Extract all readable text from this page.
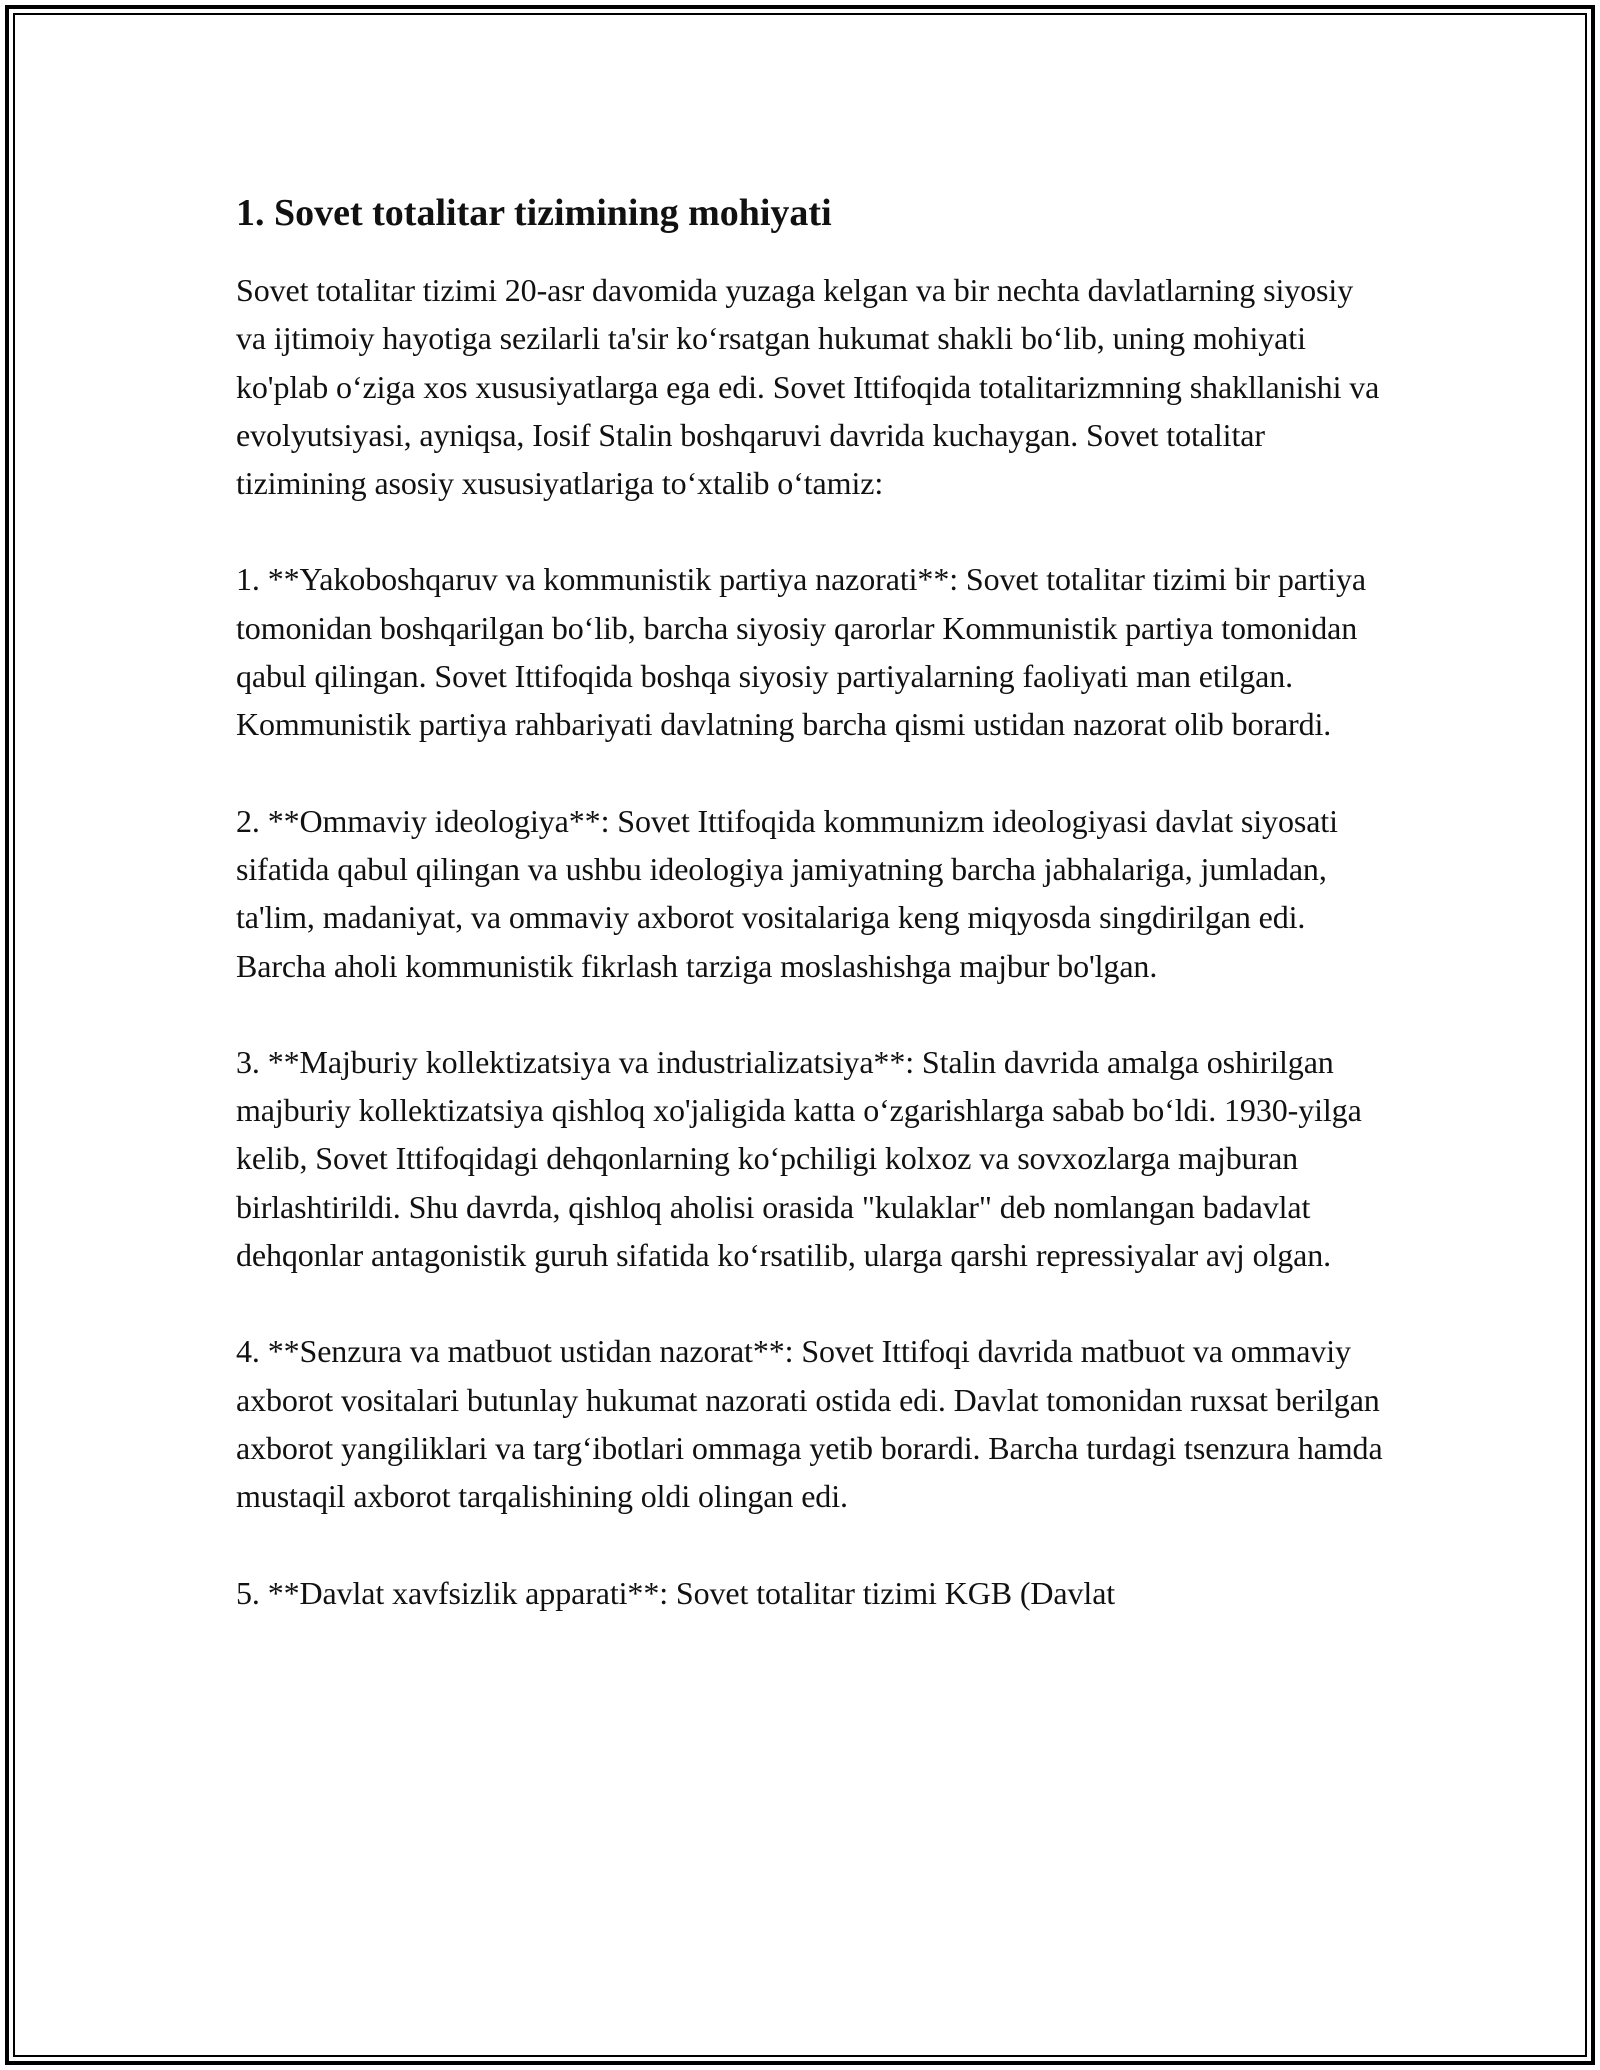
1. Sovet totalitar tizimining mohiyati

Sovet totalitar tizimi 20-asr davomida yuzaga kelgan va bir nechta davlatlarning siyosiy va ijtimoiy hayotiga sezilarli ta'sir ko‘rsatgan hukumat shakli bo‘lib, uning mohiyati ko'plab o‘ziga xos xususiyatlarga ega edi. Sovet Ittifoqida totalitarizmning shakllanishi va evolyutsiyasi, ayniqsa, Iosif Stalin boshqaruvi davrida kuchaygan. Sovet totalitar tizimining asosiy xususiyatlariga to‘xtalib o‘tamiz:

1. **Yakoboshqaruv va kommunistik partiya nazorati**: Sovet totalitar tizimi bir partiya tomonidan boshqarilgan bo‘lib, barcha siyosiy qarorlar Kommunistik partiya tomonidan qabul qilingan. Sovet Ittifoqida boshqa siyosiy partiyalarning faoliyati man etilgan. Kommunistik partiya rahbariyati davlatning barcha qismi ustidan nazorat olib borardi.

2. **Ommaviy ideologiya**: Sovet Ittifoqida kommunizm ideologiyasi davlat siyosati sifatida qabul qilingan va ushbu ideologiya jamiyatning barcha jabhalariga, jumladan, ta'lim, madaniyat, va ommaviy axborot vositalariga keng miqyosda singdirilgan edi. Barcha aholi kommunistik fikrlash tarziga moslashishga majbur bo'lgan.

3. **Majburiy kollektizatsiya va industrializatsiya**: Stalin davrida amalga oshirilgan majburiy kollektizatsiya qishloq xo'jaligida katta o‘zgarishlarga sabab bo‘ldi. 1930-yilga kelib, Sovet Ittifoqidagi dehqonlarning ko‘pchiligi kolxoz va sovxozlarga majburan birlashtirildi. Shu davrda, qishloq aholisi orasida "kulaklar" deb nomlangan badavlat dehqonlar antagonistik guruh sifatida ko‘rsatilib, ularga qarshi repressiyalar avj olgan.

4. **Senzura va matbuot ustidan nazorat**: Sovet Ittifoqi davrida matbuot va ommaviy axborot vositalari butunlay hukumat nazorati ostida edi. Davlat tomonidan ruxsat berilgan axborot yangiliklari va targ‘ibotlari ommaga yetib borardi. Barcha turdagi tsenzura hamda mustaqil axborot tarqalishining oldi olingan edi.

5. **Davlat xavfsizlik apparati**: Sovet totalitar tizimi KGB (Davlat
